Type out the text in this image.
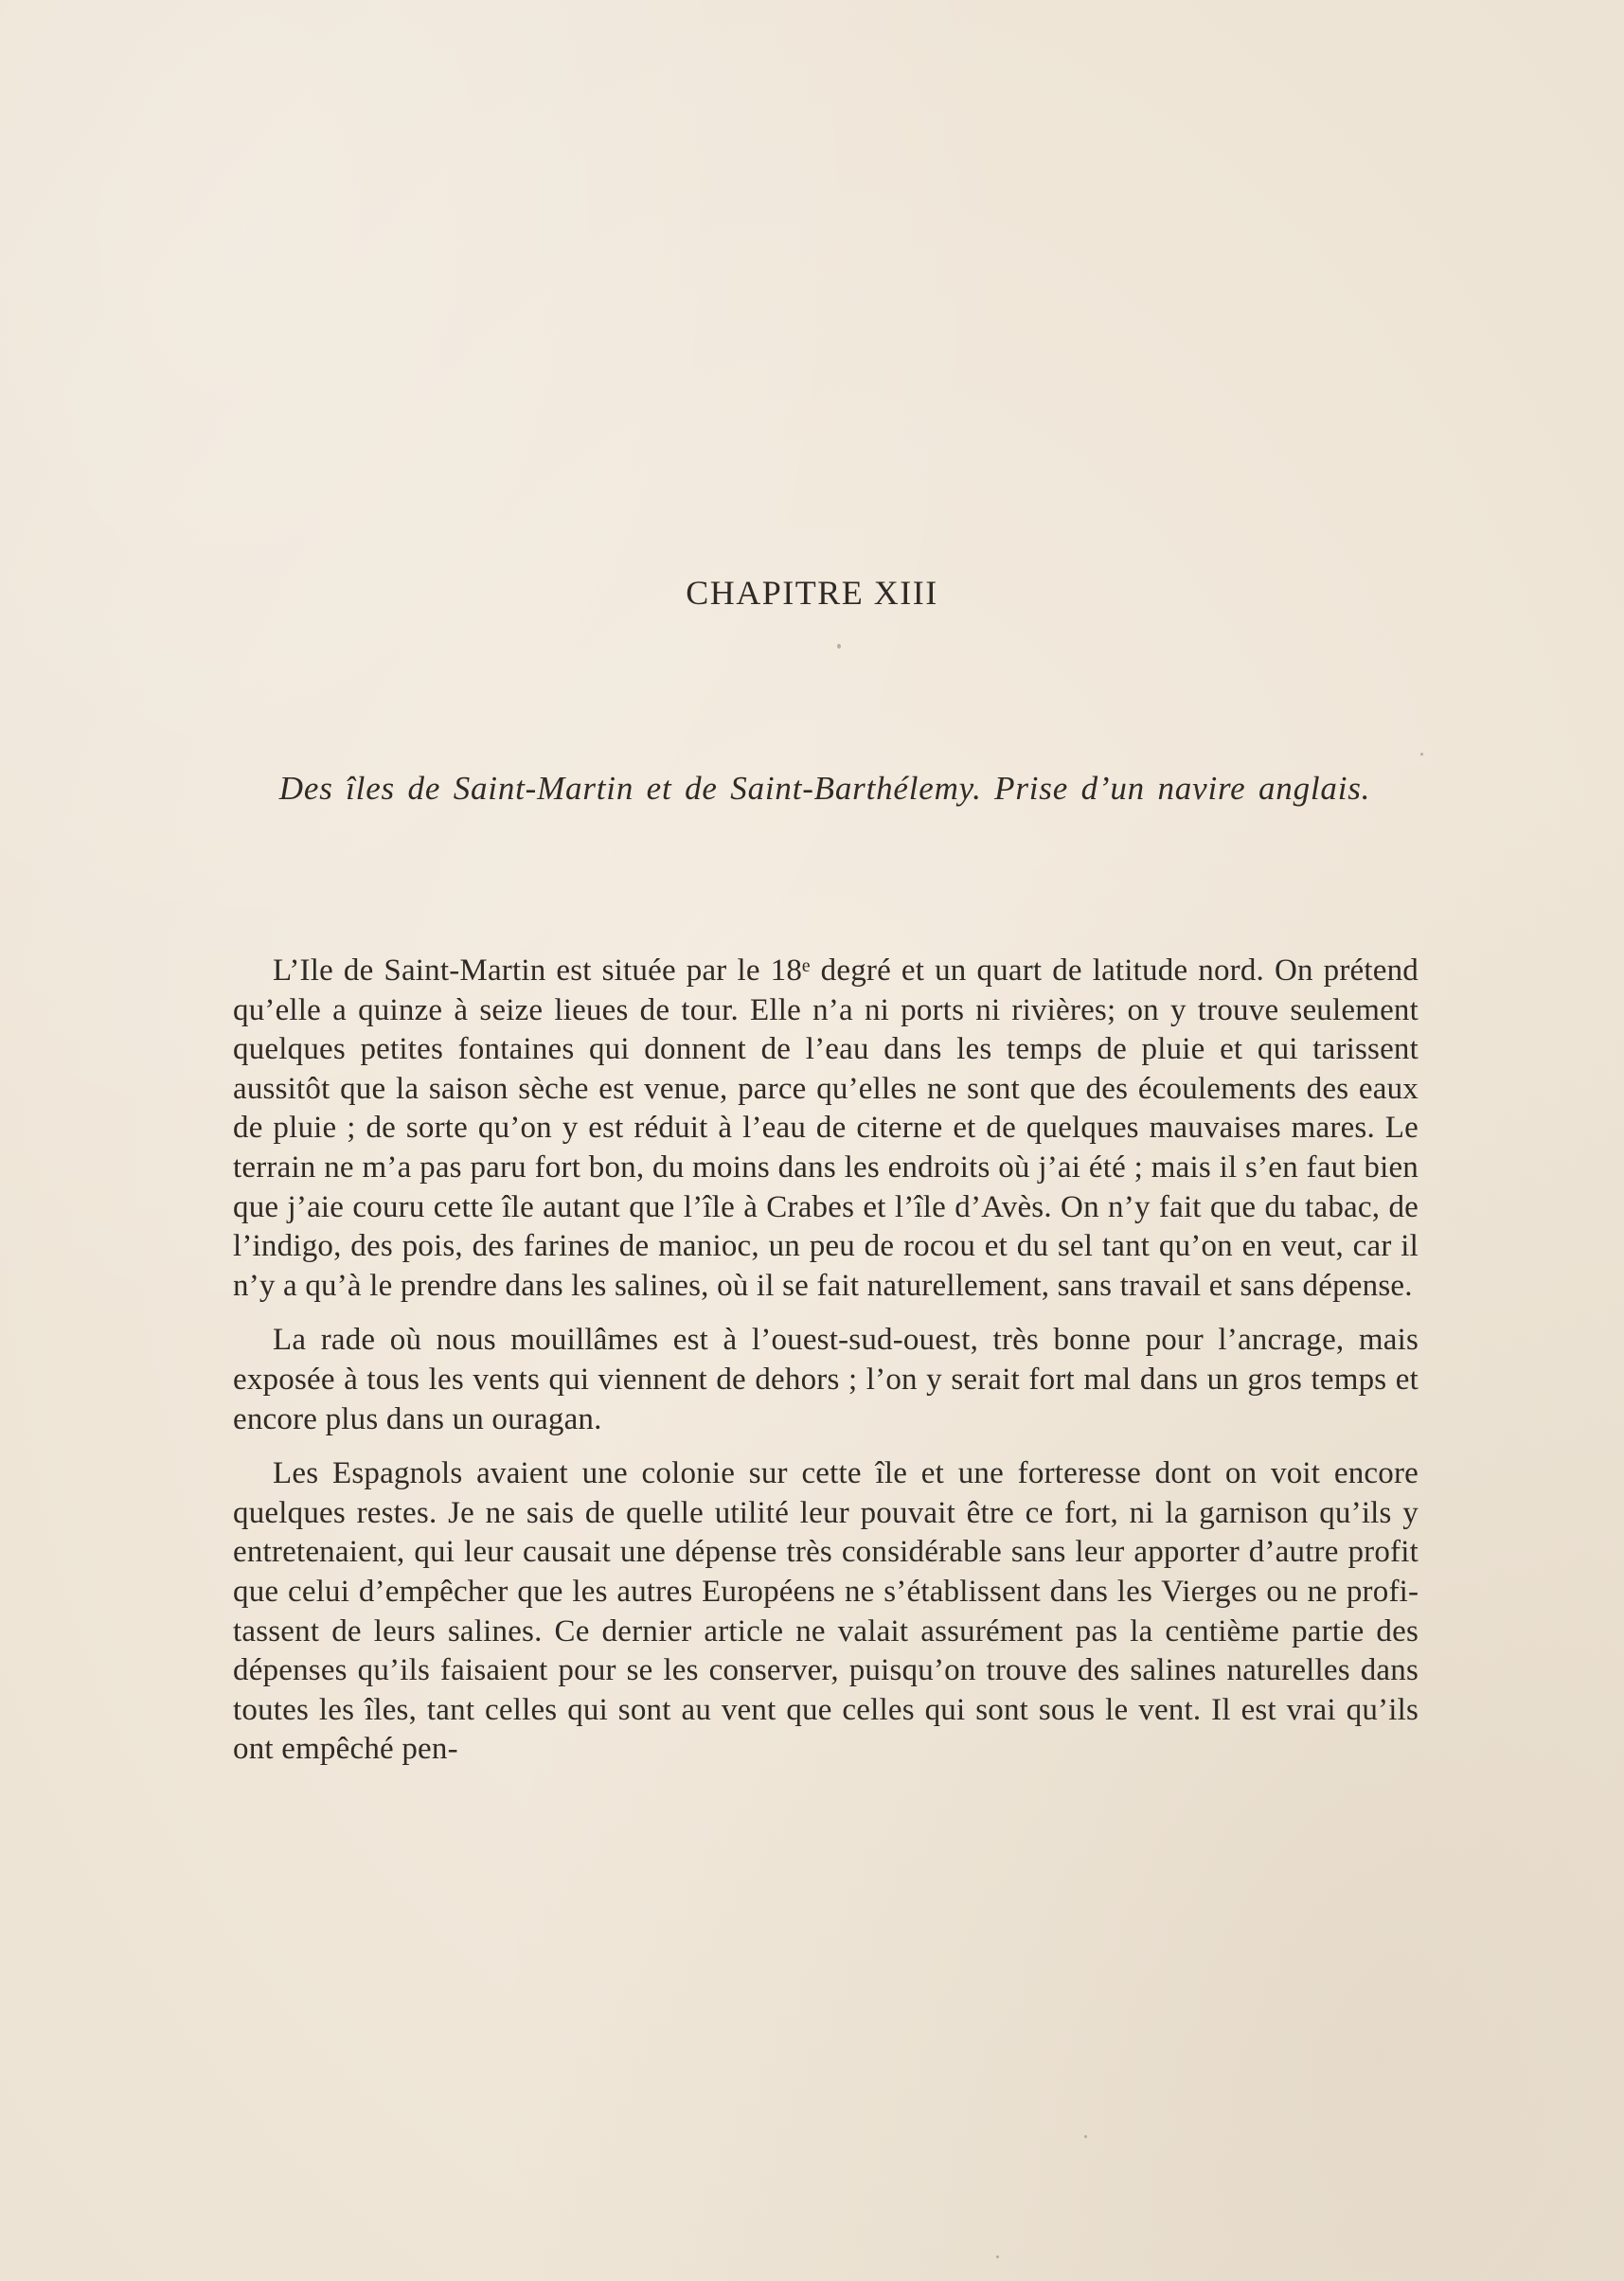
CHAPITRE XIII

Des îles de Saint-Martin et de Saint-Barthélemy. Prise d’un navire anglais.

L’Ile de Saint-Martin est située par le 18ᵉ degré et un quart de latitude nord. On prétend qu’elle a quinze à seize lieues de tour. Elle n’a ni ports ni rivières; on y trouve seulement quelques petites fontaines qui donnent de l’eau dans les temps de pluie et qui tarissent aussitôt que la saison sèche est venue, parce qu’elles ne sont que des écoulements des eaux de pluie ; de sorte qu’on y est réduit à l’eau de citerne et de quelques mauvaises mares. Le terrain ne m’a pas paru fort bon, du moins dans les endroits où j’ai été ; mais il s’en faut bien que j’aie couru cette île autant que l’île à Crabes et l’île d’Avès. On n’y fait que du tabac, de l’indigo, des pois, des farines de manioc, un peu de rocou et du sel tant qu’on en veut, car il n’y a qu’à le prendre dans les salines, où il se fait naturellement, sans travail et sans dépense.

La rade où nous mouillâmes est à l’ouest-sud-ouest, très bonne pour l’ancrage, mais exposée à tous les vents qui viennent de dehors ; l’on y serait fort mal dans un gros temps et encore plus dans un ouragan.

Les Espagnols avaient une colonie sur cette île et une forteresse dont on voit encore quelques restes. Je ne sais de quelle utilité leur pouvait être ce fort, ni la garnison qu’ils y entretenaient, qui leur causait une dépense très considérable sans leur apporter d’autre profit que celui d’empêcher que les autres Européens ne s’établissent dans les Vierges ou ne profitassent de leurs salines. Ce dernier article ne valait assurément pas la centième partie des dépenses qu’ils faisaient pour se les conserver, puisqu’on trouve des salines naturelles dans toutes les îles, tant celles qui sont au vent que celles qui sont sous le vent. Il est vrai qu’ils ont empêché pen-
